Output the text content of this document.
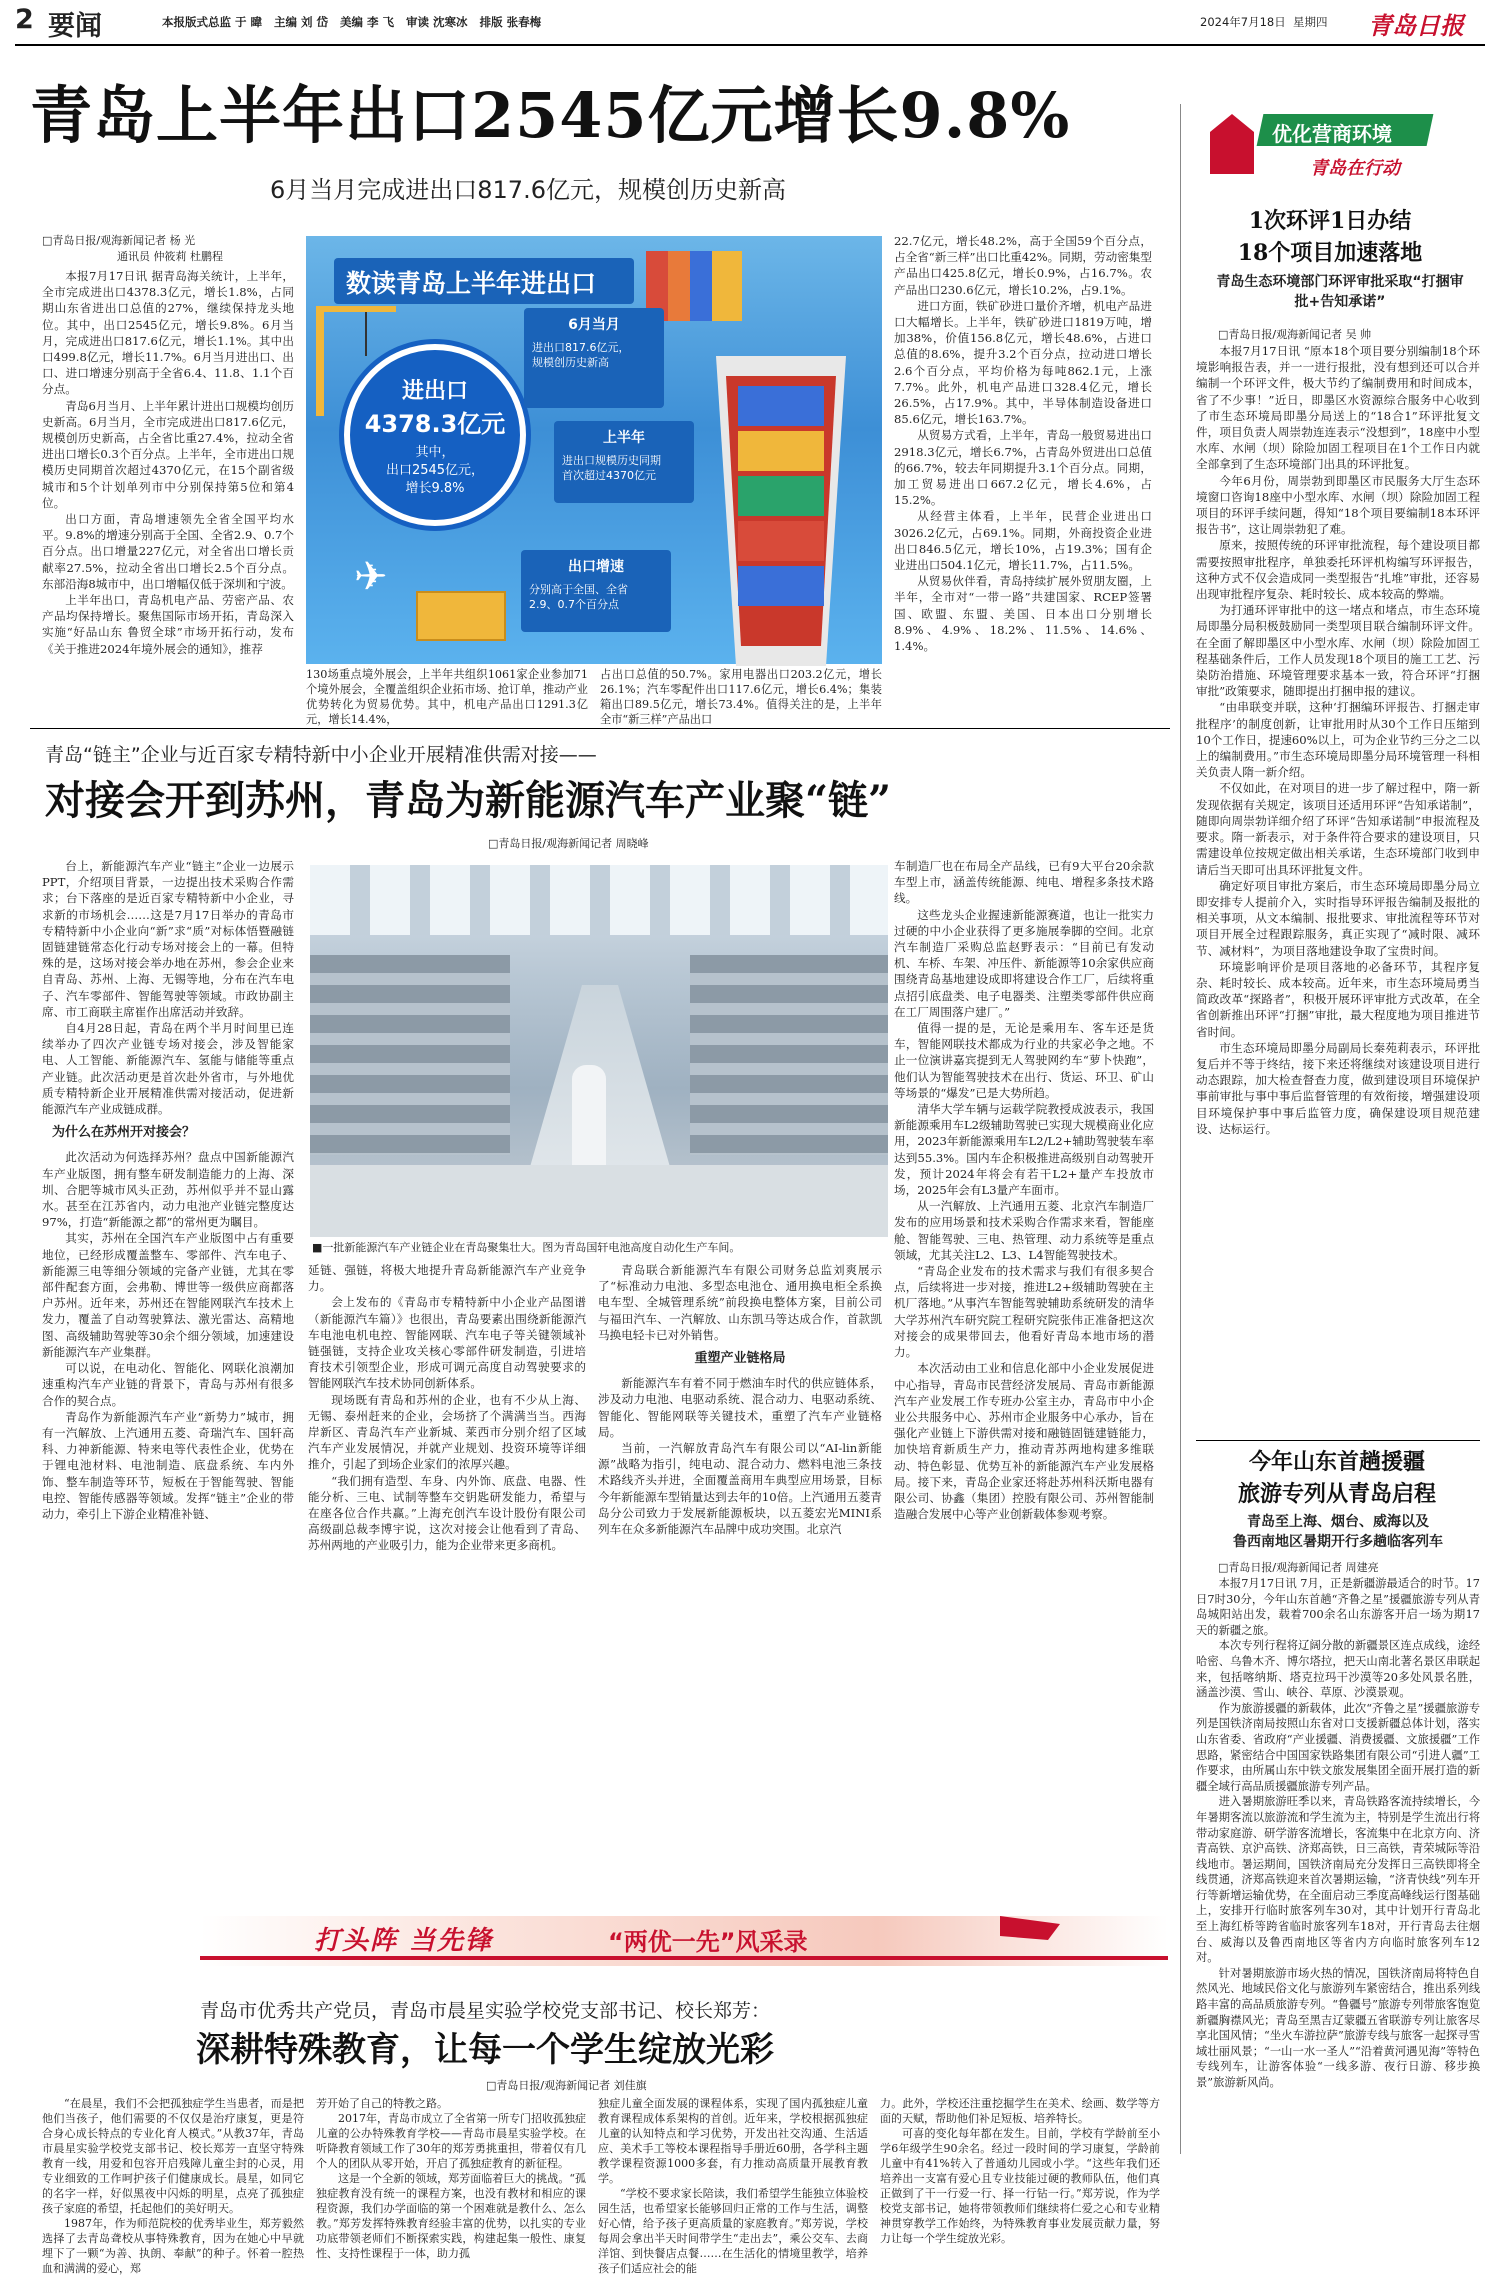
2 要闻	本报版式总监 于 暐   主编 刘 岱   美编 李 飞   审读 沈寒冰   排版 张春梅	2024年7月18日  星期四 青岛日报
青岛上半年出口2545亿元增长9.8%
6月当月完成进出口817.6亿元，规模创历史新高
□青岛日报/观海新闻记者 杨 光
通讯员 仲筱莉 杜鹏程

本报7月17日讯 据青岛海关统计，上半年，全市完成进出口4378.3亿元，增长1.8%，占同期山东省进出口总值的27%，继续保持龙头地位。其中，出口2545亿元，增长9.8%。6月当月，完成进出口817.6亿元，增长1.1%。其中出口499.8亿元，增长11.7%。6月当月进出口、出口、进口增速分别高于全省6.4、11.8、1.1个百分点。

青岛6月当月、上半年累计进出口规模均创历史新高。6月当月，全市完成进出口817.6亿元，规模创历史新高，占全省比重27.4%，拉动全省进出口增长0.3个百分点。上半年，全市进出口规模历史同期首次超过4370亿元，在15个副省级城市和5个计划单列市中分别保持第5位和第4位。

出口方面，青岛增速领先全省全国平均水平。9.8%的增速分别高于全国、全省2.9、0.7个百分点。出口增量227亿元，对全省出口增长贡献率27.5%，拉动全省出口增长2.5个百分点。东部沿海8城市中，出口增幅仅低于深圳和宁波。

上半年出口，青岛机电产品、劳密产品、农产品均保持增长。聚焦国际市场开拓，青岛深入实施“好品山东 鲁贸全球”市场开拓行动，发布《关于推进2024年境外展会的通知》，推荐

数读青岛上半年进出口
进出口
4378.3亿元
其中，
出口2545亿元，
增长9.8%
✈
6月当月
进出口817.6亿元，
规模创历史新高
上半年
进出口规模历史同期
首次超过4370亿元
出口增速
分别高于全国、全省
2.9、0.7个百分点

130场重点境外展会，上半年共组织1061家企业参加71个境外展会，全覆盖组织企业拓市场、抢订单，推动产业优势转化为贸易优势。其中，机电产品出口1291.3亿元，增长14.4%，

占出口总值的50.7%。家用电器出口203.2亿元，增长26.1%；汽车零配件出口117.6亿元，增长6.4%；集装箱出口89.5亿元，增长73.4%。值得关注的是，上半年全市“新三样”产品出口

22.7亿元，增长48.2%，高于全国59个百分点，占全省“新三样”出口比重42%。同期，劳动密集型产品出口425.8亿元，增长0.9%，占16.7%。农产品出口230.6亿元，增长10.2%，占9.1%。

进口方面，铁矿砂进口量价齐增，机电产品进口大幅增长。上半年，铁矿砂进口1819万吨，增加38%，价值156.8亿元，增长48.6%，占进口总值的8.6%，提升3.2个百分点，拉动进口增长2.6个百分点，平均价格为每吨862.1元，上涨7.7%。此外，机电产品进口328.4亿元，增长26.5%，占17.9%。其中，半导体制造设备进口85.6亿元，增长163.7%。

从贸易方式看，上半年，青岛一般贸易进出口2918.3亿元，增长6.7%，占青岛外贸进出口总值的66.7%，较去年同期提升3.1个百分点。同期，加工贸易进出口667.2亿元，增长4.6%，占15.2%。

从经营主体看，上半年，民营企业进出口3026.2亿元，占69.1%。同期，外商投资企业进出口846.5亿元，增长10%，占19.3%；国有企业进出口504.1亿元，增长11.7%，占11.5%。

从贸易伙伴看，青岛持续扩展外贸朋友圈，上半年，全市对“一带一路”共建国家、RCEP签署国、欧盟、东盟、美国、日本出口分别增长8.9%、4.9%、18.2%、11.5%、14.6%、1.4%。

优化营商环境
青岛在行动
1次环评1日办结
18个项目加速落地
青岛生态环境部门环评审批采取“打捆审批+告知承诺”
□青岛日报/观海新闻记者 吴 帅

本报7月17日讯 “原本18个项目要分别编制18个环境影响报告表，并一一进行报批，没有想到还可以合并编制一个环评文件，极大节约了编制费用和时间成本，省了不少事！”近日，即墨区水资源综合服务中心收到了市生态环境局即墨分局送上的“18合1”环评批复文件，项目负责人周崇勃连连表示“没想到”，18座中小型水库、水闸（坝）除险加固工程项目在1个工作日内就全部拿到了生态环境部门出具的环评批复。

今年6月份，周崇勃到即墨区市民服务大厅生态环境窗口咨询18座中小型水库、水闸（坝）除险加固工程项目的环评手续问题，得知“18个项目要编制18本环评报告书”，这让周崇勃犯了难。

原来，按照传统的环评审批流程，每个建设项目都需要按照审批程序，单独委托环评机构编写环评报告，这种方式不仅会造成同一类型报告“扎堆”审批，还容易出现审批程序复杂、耗时较长、成本较高的弊端。

为打通环评审批中的这一堵点和堵点，市生态环境局即墨分局积极鼓励同一类型项目联合编制环评文件。在全面了解即墨区中小型水库、水闸（坝）除险加固工程基础条件后，工作人员发现18个项目的施工工艺、污染防治措施、环境管理要求基本一致，符合环评“打捆审批”政策要求，随即提出打捆申报的建议。

“由串联变并联，这种‘打捆编环评报告、打捆走审批程序’的制度创新，让审批用时从30个工作日压缩到10个工作日，提速60%以上，可为企业节约三分之二以上的编制费用。”市生态环境局即墨分局环境管理一科相关负责人隋一新介绍。

不仅如此，在对项目的进一步了解过程中，隋一新发现依据有关规定，该项目还适用环评“告知承诺制”，随即向周崇勃详细介绍了环评“告知承诺制”申报流程及要求。隋一新表示，对于条件符合要求的建设项目，只需建设单位按规定做出相关承诺，生态环境部门收到申请后当天即可出具环评批复文件。

确定好项目审批方案后，市生态环境局即墨分局立即安排专人提前介入，实时指导环评报告编制及报批的相关事项，从文本编制、报批要求、审批流程等环节对项目开展全过程跟踪服务，真正实现了“减时限、减环节、减材料”，为项目落地建设争取了宝贵时间。

环境影响评价是项目落地的必备环节，其程序复杂、耗时较长、成本较高。近年来，市生态环境局勇当简政改革“探路者”，积极开展环评审批方式改革，在全省创新推出环评“打捆”审批，最大程度地为项目推进节省时间。

市生态环境局即墨分局副局长秦苑莉表示，环评批复后并不等于终结，接下来还将继续对该建设项目进行动态跟踪，加大检查督查力度，做到建设项目环境保护事前审批与事中事后监督管理的有效衔接，增强建设项目环境保护事中事后监管力度，确保建设项目规范建设、达标运行。

今年山东首趟援疆
旅游专列从青岛启程
青岛至上海、烟台、威海以及
鲁西南地区暑期开行多趟临客列车
□青岛日报/观海新闻记者 周建亮

本报7月17日讯 7月，正是新疆游最适合的时节。17日7时30分，今年山东首趟“齐鲁之星”援疆旅游专列从青岛城阳站出发，载着700余名山东游客开启一场为期17天的新疆之旅。

本次专列行程将辽阔分散的新疆景区连点成线，途经哈密、乌鲁木齐、博尔塔拉，把天山南北著名景区串联起来，包括喀纳斯、塔克拉玛干沙漠等20多处风景名胜，涵盖沙漠、雪山、峡谷、草原、沙漠景观。

作为旅游援疆的新载体，此次“齐鲁之星”援疆旅游专列是国铁济南局按照山东省对口支援新疆总体计划，落实山东省委、省政府“产业援疆、消费援疆、文旅援疆”工作思路，紧密结合中国国家铁路集团有限公司“引进人疆”工作要求，由所属山东中铁文旅发展集团全面开展打造的新疆全域行高品质援疆旅游专列产品。

进入暑期旅游旺季以来，青岛铁路客流持续增长，今年暑期客流以旅游流和学生流为主，特别是学生流出行将带动家庭游、研学游客流增长，客流集中在北京方向、济青高铁、京沪高铁、济郑高铁，日三高铁，青荣城际等沿线地市。暑运期间，国铁济南局充分发挥日三高铁即将全线贯通，济郑高铁迎来首次暑期运输，“济青快线”列车开行等新增运输优势，在全面启动三季度高峰线运行图基础上，安排开行临时旅客列车30对，其中计划开行青岛北至上海红桥等跨省临时旅客列车18对，开行青岛去往烟台、威海以及鲁西南地区等省内方向临时旅客列车12对。

针对暑期旅游市场火热的情况，国铁济南局将特色自然风光、地域民俗文化与旅游列车紧密结合，推出系列线路丰富的高品质旅游专列。“鲁疆号”旅游专列带旅客饱览新疆胸襟风光；青岛至黑吉辽蒙疆五省联游专列让旅客尽享北国风情；“坐火车游拉萨”旅游专线与旅客一起探寻雪域壮丽风景；“一山一水一圣人”“沿着黄河遇见海”等特色专线列车，让游客体验“一线多游、夜行日游、移步换景”旅游新风尚。

青岛“链主”企业与近百家专精特新中小企业开展精准供需对接——
对接会开到苏州，青岛为新能源汽车产业聚“链”
□青岛日报/观海新闻记者 周晓峰

台上，新能源汽车产业“链主”企业一边展示PPT，介绍项目背景，一边提出技术采购合作需求；台下落座的是近百家专精特新中小企业，寻求新的市场机会……这是7月17日举办的青岛市专精特新中小企业向“新”求“质”对标体悟暨融链固链建链常态化行动专场对接会上的一幕。但特殊的是，这场对接会举办地在苏州，参会企业来自青岛、苏州、上海、无锡等地，分布在汽车电子、汽车零部件、智能驾驶等领域。市政协副主席、市工商联主席崔作出席活动并致辞。

自4月28日起，青岛在两个半月时间里已连续举办了四次产业链专场对接会，涉及智能家电、人工智能、新能源汽车、氢能与储能等重点产业链。此次活动更是首次赴外省市，与外地优质专精特新企业开展精准供需对接活动，促进新能源汽车产业成链成群。

为什么在苏州开对接会？

此次活动为何选择苏州？盘点中国新能源汽车产业版图，拥有整车研发制造能力的上海、深圳、合肥等城市风头正劲，苏州似乎并不显山露水。甚至在江苏省内，动力电池产业链完整度达97%，打造“新能源之都”的常州更为瞩目。

其实，苏州在全国汽车产业版图中占有重要地位，已经形成覆盖整车、零部件、汽车电子、新能源三电等细分领域的完备产业链，尤其在零部件配套方面，会弗勒、博世等一级供应商都落户苏州。近年来，苏州还在智能网联汽车技术上发力，覆盖了自动驾驶算法、激光雷达、高精地图、高级辅助驾驶等30余个细分领域，加速建设新能源汽车产业集群。

可以说，在电动化、智能化、网联化浪潮加速重构汽车产业链的背景下，青岛与苏州有很多合作的契合点。

青岛作为新能源汽车产业“新势力”城市，拥有一汽解放、上汽通用五菱、奇瑞汽车、国轩高科、力神新能源、特来电等代表性企业，优势在于锂电池材料、电池制造、底盘系统、车内外饰、整车制造等环节，短板在于智能驾驶、智能电控、智能传感器等领域。发挥“链主”企业的带动力，牵引上下游企业精准补链、

■一批新能源汽车产业链企业在青岛聚集壮大。图为青岛国轩电池高度自动化生产车间。

延链、强链，将极大地提升青岛新能源汽车产业竞争力。

会上发布的《青岛市专精特新中小企业产品图谱（新能源汽车篇）》也很出，青岛要素出围绕新能源汽车电池电机电控、智能网联、汽车电子等关键领域补链强链，支持企业攻关核心零部件研发制造，引进培育技术引领型企业，形成可调元高度自动驾驶要求的智能网联汽车技术协同创新体系。

现场既有青岛和苏州的企业，也有不少从上海、无锡、泰州赶来的企业，会场挤了个满满当当。西海岸新区、青岛汽车产业新城、莱西市分别介绍了区域汽车产业发展情况，并就产业规划、投资环境等详细推介，引起了到场企业家们的浓厚兴趣。

“我们拥有造型、车身、内外饰、底盘、电器、性能分析、三电、试制等整车交钥匙研发能力，希望与在座各位合作共赢。”上海充创汽车设计股份有限公司高级副总裁李博宇说，这次对接会让他看到了青岛、苏州两地的产业吸引力，能为企业带来更多商机。

青岛联合新能源汽车有限公司财务总监刘爽展示了“标准动力电池、多型态电池仓、通用换电柜全系换电车型、全城管理系统”前段换电整体方案，目前公司与福田汽车、一汽解放、山东凯马等达成合作，首款凯马换电轻卡已对外销售。

重塑产业链格局

新能源汽车有着不同于燃油车时代的供应链体系，涉及动力电池、电驱动系统、混合动力、电驱动系统、智能化、智能网联等关键技术，重塑了汽车产业链格局。

当前，一汽解放青岛汽车有限公司以“AI-lin新能源”战略为指引，纯电动、混合动力、燃料电池三条技术路线齐头并进，全面覆盖商用车典型应用场景，目标今年新能源车型销量达到去年的10倍。上汽通用五菱青岛分公司致力于发展新能源板块，以五菱宏光MINI系列车在众多新能源汽车品牌中成功突围。北京汽

车制造厂也在布局全产品线，已有9大平台20余款车型上市，涵盖传统能源、纯电、增程多条技术路线。

这些龙头企业握速新能源赛道，也让一批实力过硬的中小企业获得了更多施展拳脚的空间。北京汽车制造厂采购总监赵野表示：“目前已有发动机、车桥、车架、冲压件、新能源等10余家供应商围绕青岛基地建设成即将建设合作工厂，后续将重点招引底盘类、电子电器类、注塑类零部件供应商在工厂周围落户建厂。”

值得一提的是，无论是乘用车、客车还是货车，智能网联技术都成为行业的共家必争之地。不止一位演讲嘉宾提到无人驾驶网约车“萝卜快跑”，他们认为智能驾驶技术在出行、货运、环卫、矿山等场景的“爆发”已是大势所趋。

清华大学车辆与运载学院教授成波表示，我国新能源乘用车L2级辅助驾驶已实现大规模商业化应用，2023年新能源乘用车L2/L2+辅助驾驶装车率达到55.3%。国内车企积极推进高级别自动驾驶开发，预计2024年将会有若干L2+量产车投放市场，2025年会有L3量产车面市。

从一汽解放、上汽通用五菱、北京汽车制造厂发布的应用场景和技术采购合作需求来看，智能座舱、智能驾驶、三电、热管理、动力系统等是重点领域，尤其关注L2、L3、L4智能驾驶技术。

“青岛企业发布的技术需求与我们有很多契合点，后续将进一步对接，推进L2+级辅助驾驶在主机厂落地。”从事汽车智能驾驶辅助系统研发的清华大学苏州汽车研究院工程研究院张伟正准备把这次对接会的成果带回去，他看好青岛本地市场的潜力。

本次活动由工业和信息化部中小企业发展促进中心指导，青岛市民营经济发展局、青岛市新能源汽车产业发展工作专班办公室主办，青岛市中小企业公共服务中心、苏州市企业服务中心承办，旨在强化产业链上下游供需对接和融链固链建链能力，加快培育新质生产力，推动青苏两地构建多维联动、特色彰显、优势互补的新能源汽车产业发展格局。接下来，青岛企业家还将赴苏州科沃斯电器有限公司、协鑫（集团）控股有限公司、苏州智能制造融合发展中心等产业创新载体参观考察。

打头阵 当先锋	“两优一先”风采录
青岛市优秀共产党员，青岛市晨星实验学校党支部书记、校长郑芳：
深耕特殊教育，让每一个学生绽放光彩
□青岛日报/观海新闻记者 刘佳旗

“在晨星，我们不会把孤独症学生当患者，而是把他们当孩子，他们需要的不仅仅是治疗康复，更是符合身心成长特点的专业化育人模式。”从教37年，青岛市晨星实验学校党支部书记、校长郑芳一直坚守特殊教育一线，用爱和包容开启残障儿童尘封的心灵，用专业细致的工作呵护孩子们健康成长。晨星，如同它的名字一样，好似黑夜中闪烁的明星，点亮了孤独症孩子家庭的希望，托起他们的美好明天。

1987年，作为师范院校的优秀毕业生，郑芳毅然选择了去青岛聋校从事特殊教育，因为在她心中早就埋下了一颗“为善、执朗、奉献”的种子。怀着一腔热血和满满的爱心，郑

芳开始了自己的特教之路。

2017年，青岛市成立了全省第一所专门招收孤独症儿童的公办特殊教育学校——青岛市晨星实验学校。在听降教育领域工作了30年的郑芳勇挑重担，带着仅有几个人的团队从零开始，开启了孤独症教育的新征程。

这是一个全新的领域，郑芳面临着巨大的挑战。“孤独症教育没有统一的课程方案，也没有教材和相应的课程资源，我们办学面临的第一个困难就是教什么、怎么教。”郑芳发挥特殊教育经验丰富的优势，以扎实的专业功底带领老师们不断探索实践，构建起集一般性、康复性、支持性课程于一体，助力孤

独症儿童全面发展的课程体系，实现了国内孤独症儿童教育课程成体系架构的首创。近年来，学校根据孤独症儿童的认知特点和学习优势，开发出社交沟通、生活适应、美术手工等校本课程指导手册近60册，各学科主题教学课程资源1000多套，有力推动高质量开展教育教学。

“学校不要求家长陪读，我们希望学生能独立体验校园生活，也希望家长能够回归正常的工作与生活，调整好心情，给予孩子更高质量的家庭教育。”郑芳说，学校每周会拿出半天时间带学生“走出去”，乘公交车、去商洋馆、到快餐店点餐……在生活化的情境里教学，培养孩子们适应社会的能

力。此外，学校还注重挖掘学生在美术、绘画、数学等方面的天赋，帮助他们补足短板、培养特长。

可喜的变化每年都在发生。目前，学校有学龄前至小学6年级学生90余名。经过一段时间的学习康复，学龄前儿童中有41%转入了普通幼儿园或小学。“这些年我们还培养出一支富有爱心且专业技能过硬的教师队伍，他们真正做到了干一行爱一行、择一行钻一行。”郑芳说，作为学校党支部书记，她将带领教师们继续将仁爱之心和专业精神贯穿教学工作始终，为特殊教育事业发展贡献力量，努力让每一个学生绽放光彩。
